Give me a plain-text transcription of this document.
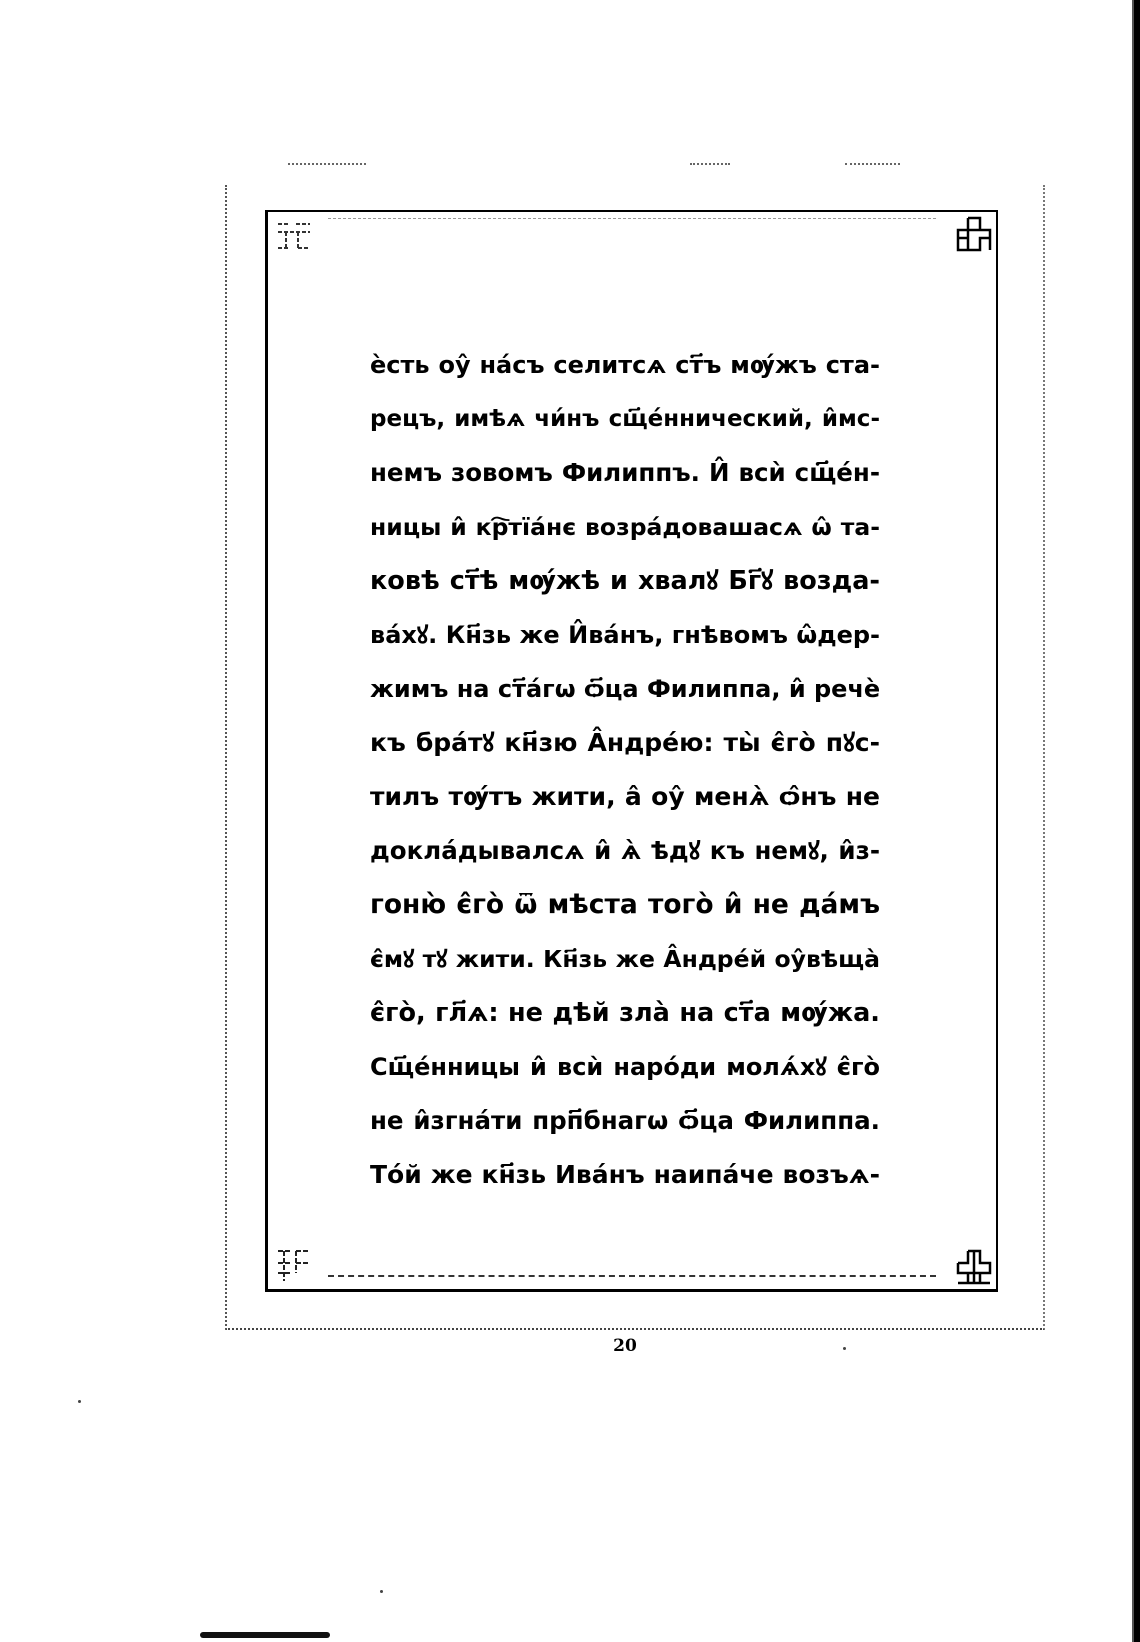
ѐсть оу̂ на́съ селитсѧ ст҃ъ мѹ́жъ ста-
рецъ, имѣѧ чи́нъ сщ҃е́ннический, и̂мс-
немъ зовомъ Филиппъ. И̂ всѝ сщ҃е́н-
ницы и̂ кр҇тїа́нє возра́довашасѧ ѡ̂ та-
ковѣ ст҃ѣ мѹ́жѣ и хвалꙋ Бг҃ꙋ возда-
ва́хꙋ. Кн҃зь же И̂ва́нъ, гнѣвомъ ѡ̂дер-
жимъ на ст҃а́гѡ ѻ҃ца Филиппа, и̂ речѐ
къ бра́тꙋ кн҃зю А̂ндре́ю: ты̀ є̂го̀ пꙋс-
тилъ тѹ́тъ жити, а̂ оу̂ менѧ̀ ѻ̂нъ не
докла́дывалсѧ и̂ ѧ̀ ѣдꙋ къ немꙋ, и̂з-
гоню̀ є̂го̀ ѿ мѣста того̀ и̂ не да́мъ
є̂мꙋ тꙋ жити. Кн҃зь же А̂ндре́й оу̂вѣща̀
є̂го̀, гл҃ѧ: не дѣй зла̀ на ст҃а мѹ́жа.
Сщ҃е́нницы и̂ всѝ наро́ди молѧ́хꙋ є̂го̀
не и̂згна́ти прп҃бнагѡ ѻ҃ца Филиппа.
То́й же кн҃зь Ива́нъ наипа́че возъѧ-
20
